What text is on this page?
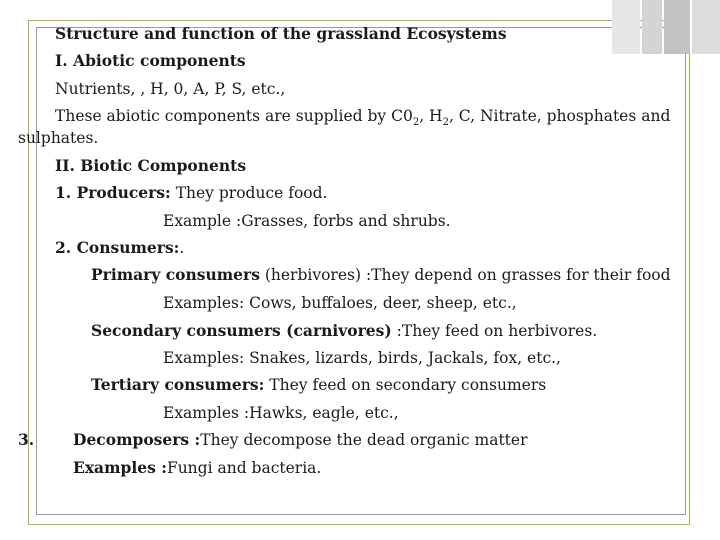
Structure and function of the grassland Ecosystems
I. Abiotic components
Nutrients, , H, 0, A, P, S, etc.,
These abiotic components are supplied by $C0_2$, $H_2$, C, Nitrate, phosphates and
sulphates.
II. Biotic Components
1. Producers: They produce food.
Example :Grasses, forbs and shrubs.
2. Consumers:.
Primary consumers (herbivores) :They depend on grasses for their food
Examples: Cows, buffaloes, deer, sheep, etc.,
Secondary consumers (carnivores) :They feed on herbivores.
Examples: Snakes, lizards, birds, Jackals, fox, etc.,
Tertiary consumers: They feed on secondary consumers
Examples :Hawks, eagle, etc.,
3.	Decomposers :They decompose the dead organic matter
Examples :Fungi and bacteria.
